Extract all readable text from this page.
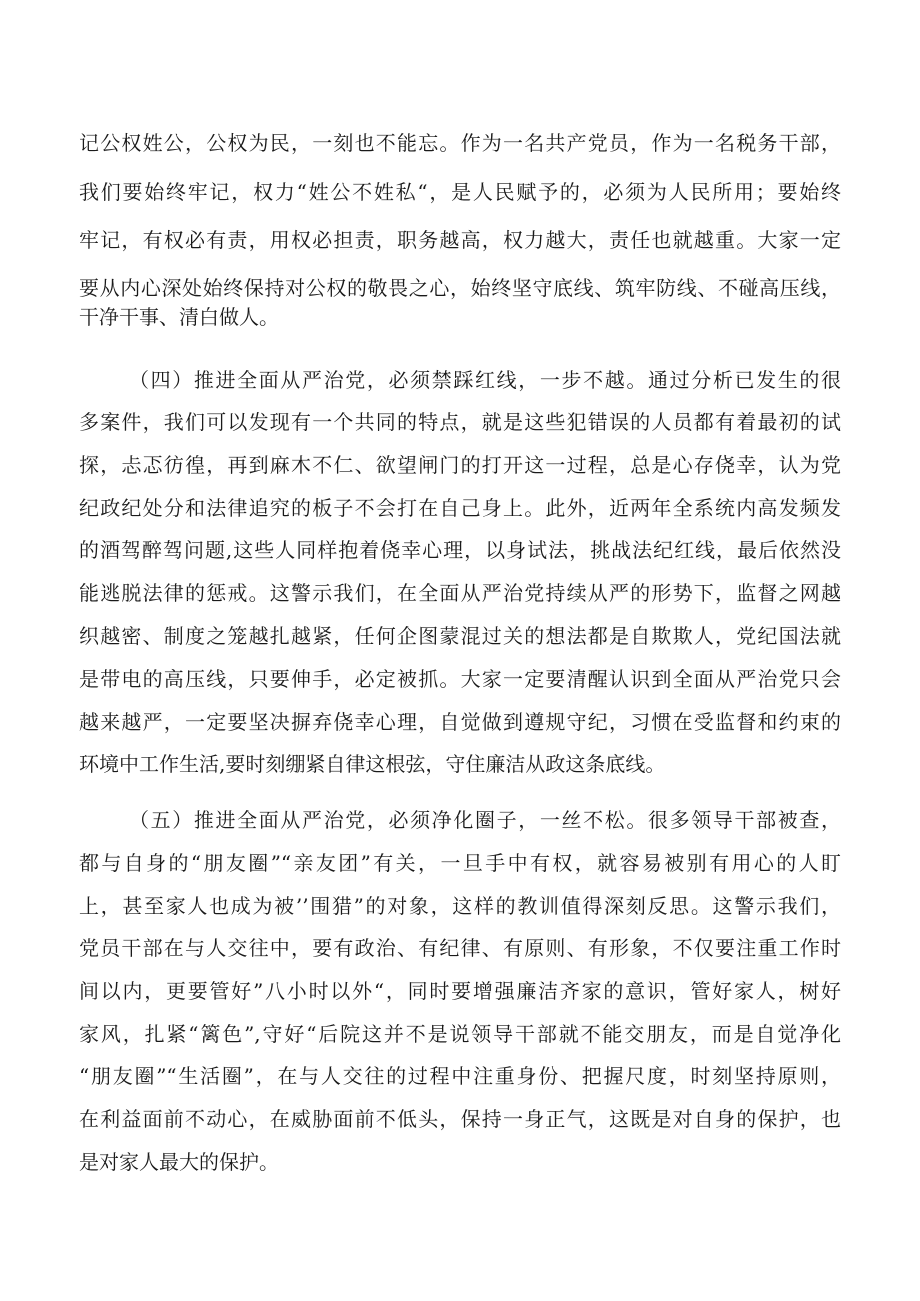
记公权姓公，公权为民，一刻也不能忘。作为一名共产党员，作为一名税务干部，
我们要始终牢记，权力“姓公不姓私“，是人民赋予的，必须为人民所用；要始终
牢记，有权必有责，用权必担责，职务越高，权力越大，责任也就越重。大家一定
要从内心深处始终保持对公权的敬畏之心，始终坚守底线、筑牢防线、不碰高压线，
干净干事、清白做人。
（四）推进全面从严治党，必须禁踩红线，一步不越。通过分析已发生的很
多案件，我们可以发现有一个共同的特点，就是这些犯错误的人员都有着最初的试
探，忐忑彷徨，再到麻木不仁、欲望闸门的打开这一过程，总是心存侥幸，认为党
纪政纪处分和法律追究的板子不会打在自己身上。此外，近两年全系统内高发频发
的酒驾醉驾问题,这些人同样抱着侥幸心理，以身试法，挑战法纪红线，最后依然没
能逃脱法律的惩戒。这警示我们，在全面从严治党持续从严的形势下，监督之网越
织越密、制度之笼越扎越紧，任何企图蒙混过关的想法都是自欺欺人，党纪国法就
是带电的高压线，只要伸手，必定被抓。大家一定要清醒认识到全面从严治党只会
越来越严，一定要坚决摒弃侥幸心理，自觉做到遵规守纪，习惯在受监督和约束的
环境中工作生活,要时刻绷紧自律这根弦，守住廉洁从政这条底线。
（五）推进全面从严治党，必须净化圈子，一丝不松。很多领导干部被查，
都与自身的“朋友圈”“亲友团”有关，一旦手中有权，就容易被别有用心的人盯
上，甚至家人也成为被’’围猎”的对象，这样的教训值得深刻反思。这警示我们，
党员干部在与人交往中，要有政治、有纪律、有原则、有形象，不仅要注重工作时
间以内，更要管好”八小时以外“，同时要增强廉洁齐家的意识，管好家人，树好
家风，扎紧“篱色”,守好“后院这并不是说领导干部就不能交朋友，而是自觉净化
“朋友圈”“生活圈”，在与人交往的过程中注重身份、把握尺度，时刻坚持原则，
在利益面前不动心，在威胁面前不低头，保持一身正气，这既是对自身的保护，也
是对家人最大的保护。
